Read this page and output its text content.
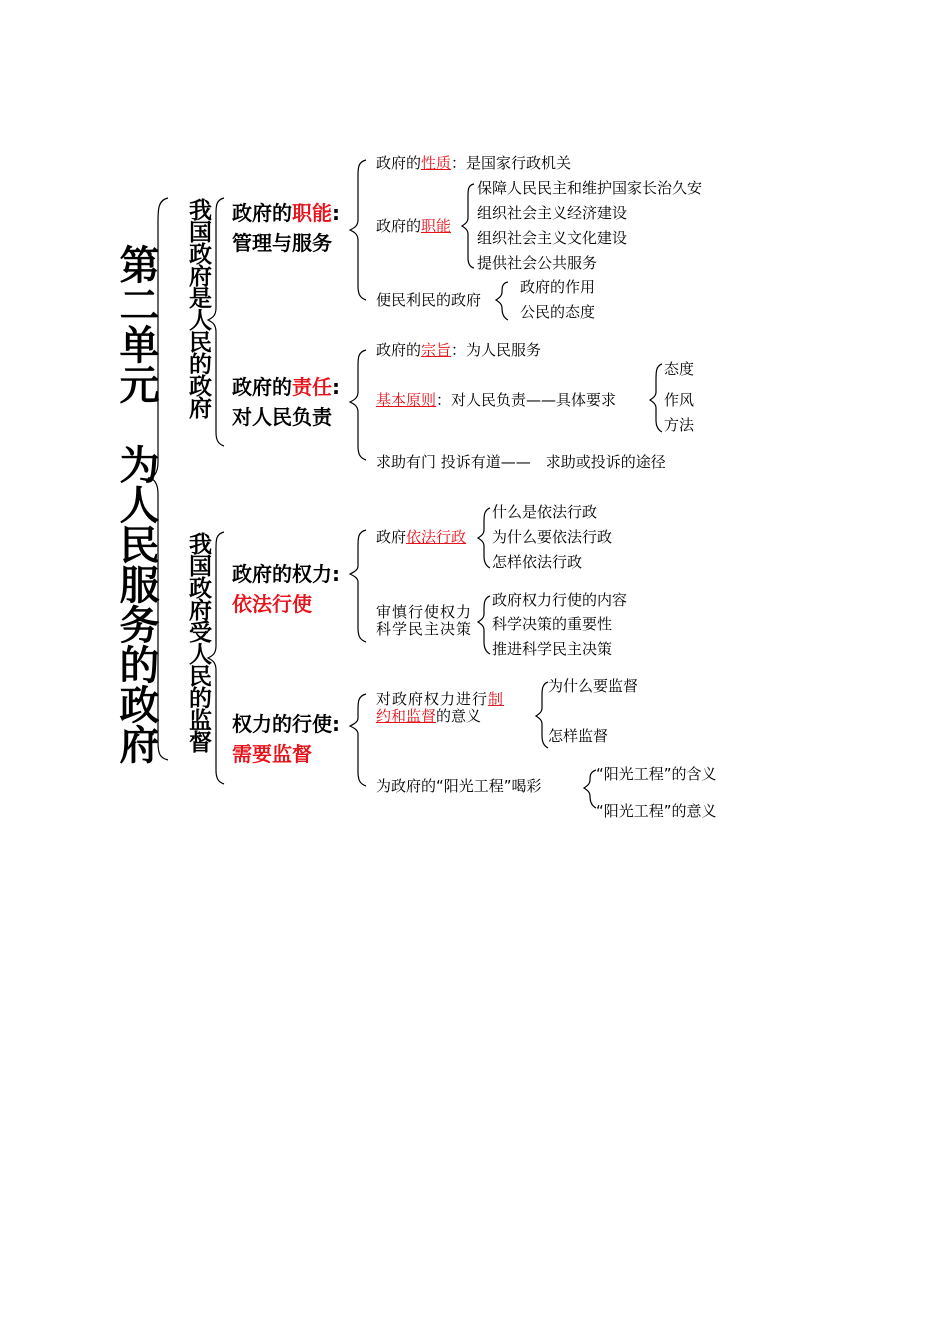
第二单元　为人民服务的政府 我国政府是人民的政府
我国政府受人民的监督
政府的职能:
管理与服务
政府的性质：是国家行政机关
政府的职能
保障人民民主和维护国家长治久安
组织社会主义经济建设
组织社会主义文化建设
提供社会公共服务
便民利民的政府
政府的作用
公民的态度
政府的责任:
对人民负责
政府的宗旨：为人民服务
基本原则：对人民负责——具体要求
态度
作风
方法
求助有门 投诉有道——　求助或投诉的途径
政府的权力:
依法行使
政府依法行政
什么是依法行政
为什么要依法行政
怎样依法行政
审慎行使权力
科学民主决策
政府权力行使的内容
科学决策的重要性
推进科学民主决策
权力的行使:
需要监督
对政府权力进行制
约和监督的意义
为什么要监督
怎样监督
为政府的“阳光工程”喝彩
“阳光工程”的含义
“阳光工程”的意义
